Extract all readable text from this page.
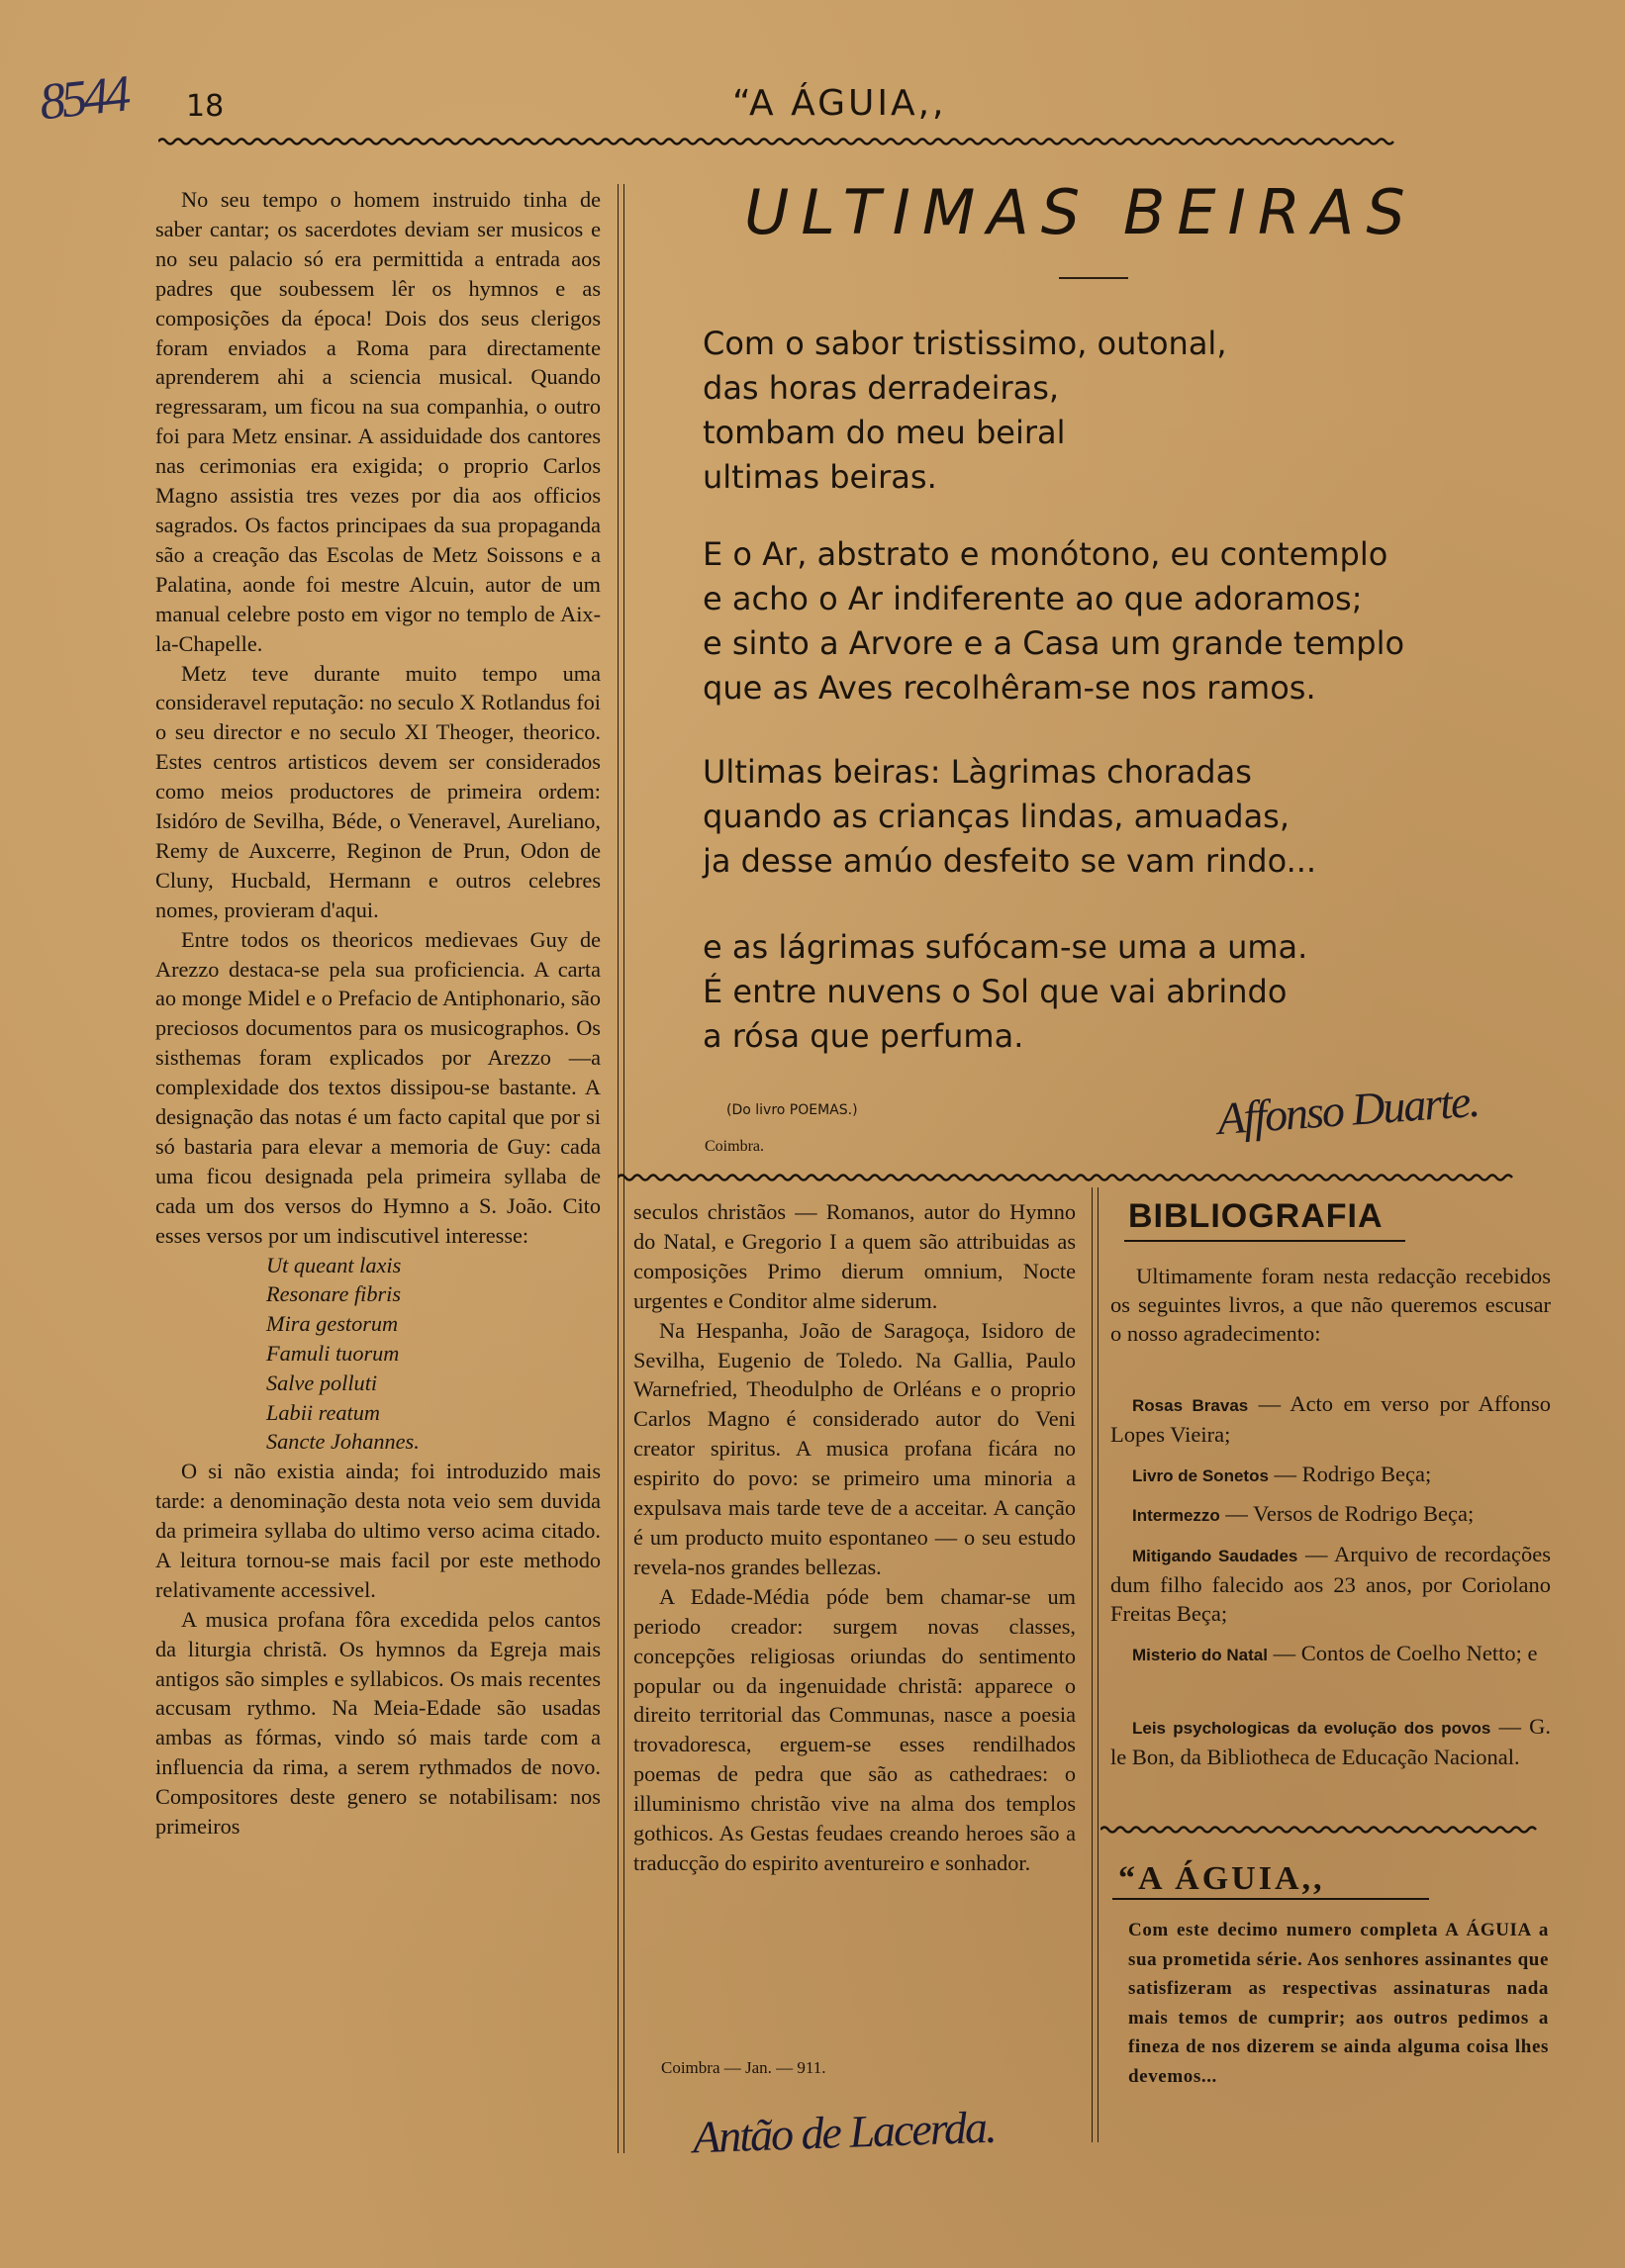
8544 18	“A ÁGUIA,,

No seu tempo o homem instruido tinha de saber cantar; os sacerdotes deviam ser musicos e no seu palacio só era permittida a entrada aos padres que soubessem lêr os hymnos e as composições da época! Dois dos seus clerigos foram enviados a Roma para directamente aprenderem ahi a sciencia musical. Quando regressaram, um ficou na sua companhia, o outro foi para Metz ensinar. A assiduidade dos cantores nas cerimonias era exigida; o proprio Carlos Magno assistia tres vezes por dia aos officios sagrados. Os factos principaes da sua propaganda são a creação das Escolas de Metz Soissons e a Palatina, aonde foi mestre Alcuin, autor de um manual celebre posto em vigor no templo de Aix-la-Chapelle.

Metz teve durante muito tempo uma consideravel reputação: no seculo X Rotlandus foi o seu director e no seculo XI Theoger, theorico. Estes centros artisticos devem ser considerados como meios productores de primeira ordem: Isidóro de Sevilha, Béde, o Veneravel, Aureliano, Remy de Auxcerre, Reginon de Prun, Odon de Cluny, Hucbald, Hermann e outros celebres nomes, provieram d'aqui.

Entre todos os theoricos medievaes Guy de Arezzo destaca-se pela sua proficiencia. A carta ao monge Midel e o Prefacio de Antiphonario, são preciosos documentos para os musicographos. Os sisthemas foram explicados por Arezzo —a complexidade dos textos dissipou-se bastante. A designação das notas é um facto capital que por si só bastaria para elevar a memoria de Guy: cada uma ficou designada pela primeira syllaba de cada um dos versos do Hymno a S. João. Cito esses versos por um indiscutivel interesse:

Ut queant laxis
Resonare fibris
Mira gestorum
Famuli tuorum
Salve polluti
Labii reatum
Sancte Johannes.

O si não existia ainda; foi introduzido mais tarde: a denominação desta nota veio sem duvida da primeira syllaba do ultimo verso acima citado. A leitura tornou-se mais facil por este methodo relativamente accessivel.

A musica profana fôra excedida pelos cantos da liturgia christã. Os hymnos da Egreja mais antigos são simples e syllabicos. Os mais recentes accusam rythmo. Na Meia-Edade são usadas ambas as fórmas, vindo só mais tarde com a influencia da rima, a serem rythmados de novo. Compositores deste genero se notabilisam: nos primeiros

ULTIMAS BEIRAS
Com o sabor tristissimo, outonal,
das horas derradeiras,
tombam do meu beiral
ultimas beiras.
E o Ar, abstrato e monótono, eu contemplo
e acho o Ar indiferente ao que adoramos;
e sinto a Arvore e a Casa um grande templo
que as Aves recolhêram-se nos ramos.
Ultimas beiras: Làgrimas choradas
quando as crianças lindas, amuadas,
ja desse amúo desfeito se vam rindo...
e as lágrimas sufócam-se uma a uma.
É entre nuvens o Sol que vai abrindo
a rósa que perfuma.
(Do livro POEMAS.)
Coimbra.
Affonso Duarte.

seculos christãos — Romanos, autor do Hymno do Natal, e Gregorio I a quem são attribuidas as composições Primo dierum omnium, Nocte urgentes e Conditor alme siderum.

Na Hespanha, João de Saragoça, Isidoro de Sevilha, Eugenio de Toledo. Na Gallia, Paulo Warnefried, Theodulpho de Orléans e o proprio Carlos Magno é considerado autor do Veni creator spiritus. A musica profana ficára no espirito do povo: se primeiro uma minoria a expulsava mais tarde teve de a acceitar. A canção é um producto muito espontaneo — o seu estudo revela-nos grandes bellezas.

A Edade-Média póde bem chamar-se um periodo creador: surgem novas classes, concepções religiosas oriundas do sentimento popular ou da ingenuidade christã: apparece o direito territorial das Communas, nasce a poesia trovadoresca, erguem-se esses rendilhados poemas de pedra que são as cathedraes: o illuminismo christão vive na alma dos templos gothicos. As Gestas feudaes creando heroes são a traducção do espirito aventureiro e sonhador.

Coimbra — Jan. — 911.
Antão de Lacerda.
BIBLIOGRAFIA
Ultimamente foram nesta redacção recebidos os seguintes livros, a que não queremos escusar o nosso agradecimento:
Rosas Bravas — Acto em verso por Affonso Lopes Vieira;
Livro de Sonetos — Rodrigo Beça;
Intermezzo — Versos de Rodrigo Beça;
Mitigando Saudades — Arquivo de recordações dum filho falecido aos 23 anos, por Coriolano Freitas Beça;
Misterio do Natal — Contos de Coelho Netto; e
Leis psychologicas da evolução dos povos — G. le Bon, da Bibliotheca de Educação Nacional.
“A ÁGUIA,,
Com este decimo numero completa A ÁGUIA a sua prometida série. Aos senhores assinantes que satisfizeram as respectivas assinaturas nada mais temos de cumprir; aos outros pedimos a fineza de nos dizerem se ainda alguma coisa lhes devemos...
